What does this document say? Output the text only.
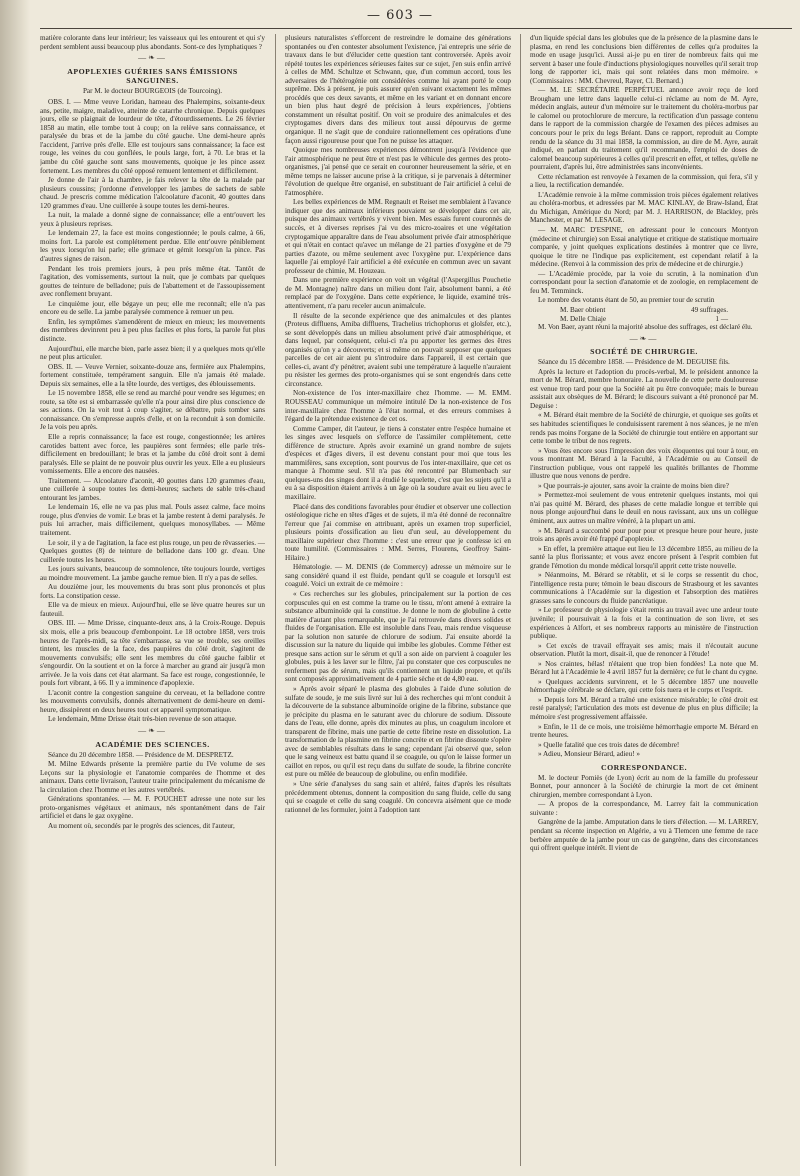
— 603 —

matière colorante dans leur intérieur; les vaisseaux qui les entourent et qui s'y perdent semblent aussi beaucoup plus abondants. Sont-ce des lymphatiques ?

—❧—
APOPLEXIES GUÉRIES SANS ÉMISSIONS SANGUINES.
Par M. le docteur BOURGEOIS (de Tourcoing).

OBS. I. — Mme veuve Loridan, hameau des Phalempins, soixante-deux ans, petite, maigre, maladive, atteinte de catarrhe chronique. Depuis quelques jours, elle se plaignait de lourdeur de tête, d'étourdissements. Le 26 février 1858 au matin, elle tombe tout à coup; on la relève sans connaissance, et paralysée du bras et de la jambe du côté gauche. Une demi-heure après l'accident, j'arrive près d'elle. Elle est toujours sans connaissance; la face est rouge, les veines du cou gonflées, le pouls large, fort, à 70. Le bras et la jambe du côté gauche sont sans mouvements, quoique je les pince assez fortement. Les membres du côté opposé remuent lentement et difficilement.

Je donne de l'air à la chambre, je fais relever la tête de la malade par plusieurs coussins; j'ordonne d'envelopper les jambes de sachets de sable chaud. Je prescris comme médication l'alcoolature d'aconit, 40 gouttes dans 120 grammes d'eau. Une cuillerée à soupe toutes les demi-heures.

La nuit, la malade a donné signe de connaissance; elle a entr'ouvert les yeux à plusieurs reprises.

Le lendemain 27, la face est moins congestionnée; le pouls calme, à 66, moins fort. La parole est complétement perdue. Elle entr'ouvre péniblement les yeux lorsqu'on lui parle; elle grimace et gémit lorsqu'on la pince. Pas d'autres signes de raison.

Pendant les trois premiers jours, à peu près même état. Tantôt de l'agitation, des vomissements, surtout la nuit, que je combats par quelques gouttes de teinture de belladone; puis de l'abattement et de l'assoupissement avec ronflement bruyant.

Le cinquième jour, elle bégaye un peu; elle me reconnaît; elle n'a pas encore eu de selle. La jambe paralysée commence à remuer un peu.

Enfin, les symptômes s'amendèrent de mieux en mieux; les mouvements des membres devinrent peu à peu plus faciles et plus forts, la parole fut plus distincte.

Aujourd'hui, elle marche bien, parle assez bien; il y a quelques mots qu'elle ne peut plus articuler.

OBS. II. — Veuve Vernier, soixante-douze ans, fermière aux Phalempins, fortement constituée, tempérament sanguin. Elle n'a jamais été malade. Depuis six semaines, elle a la tête lourde, des vertiges, des éblouissements.

Le 15 novembre 1858, elle se rend au marché pour vendre ses légumes; en route, sa tête est si embarrassée qu'elle n'a pour ainsi dire plus conscience de ses actions. On la voit tout à coup s'agiter, se débattre, puis tomber sans connaissance. On s'empresse auprès d'elle, et on la reconduit à son domicile. Je la vois peu après.

Elle a repris connaissance; la face est rouge, congestionnée; les artères carotides battent avec force, les paupières sont fermées; elle parle très-difficilement en bredouillant; le bras et la jambe du côté droit sont à demi paralysés. Elle se plaint de ne pouvoir plus ouvrir les yeux. Elle a eu plusieurs vomissements. Elle a encore des nausées.

Traitement. — Alcoolature d'aconit, 40 gouttes dans 120 grammes d'eau, une cuillerée à soupe toutes les demi-heures; sachets de sable très-chaud entourant les jambes.

Le lendemain 16, elle ne va pas plus mal. Pouls assez calme, face moins rouge, plus d'envies de vomir. Le bras et la jambe restent à demi paralysés. Je puis lui arracher, mais difficilement, quelques monosyllabes. — Même traitement.

Le soir, il y a de l'agitation, la face est plus rouge, un peu de rêvasseries. — Quelques gouttes (8) de teinture de belladone dans 100 gr. d'eau. Une cuillerée toutes les heures.

Les jours suivants, beaucoup de somnolence, tête toujours lourde, vertiges au moindre mouvement. La jambe gauche remue bien. Il n'y a pas de selles.

Au douzième jour, les mouvements du bras sont plus prononcés et plus forts. La constipation cesse.

Elle va de mieux en mieux. Aujourd'hui, elle se lève quatre heures sur un fauteuil.

OBS. III. — Mme Drisse, cinquante-deux ans, à la Croix-Rouge. Depuis six mois, elle a pris beaucoup d'embonpoint. Le 18 octobre 1858, vers trois heures de l'après-midi, sa tête s'embarrasse, sa vue se trouble, ses oreilles tintent, les muscles de la face, des paupières du côté droit, s'agitent de mouvements convulsifs; elle sent les membres du côté gauche faiblir et s'engourdir. On la soutient et on la force à marcher au grand air jusqu'à mon arrivée. Je la vois dans cet état alarmant. Sa face est rouge, congestionnée, le pouls fort vibrant, à 66. Il y a imminence d'apoplexie.

L'aconit contre la congestion sanguine du cerveau, et la belladone contre les mouvements convulsifs, donnés alternativement de demi-heure en demi-heure, dissipèrent en deux heures tout cet appareil symptomatique.

Le lendemain, Mme Drisse était très-bien revenue de son attaque.

—❧—
ACADÉMIE DES SCIENCES.

Séance du 20 décembre 1858. — Présidence de M. DESPRETZ.

M. Milne Edwards présente la première partie du IVe volume de ses Leçons sur la physiologie et l'anatomie comparées de l'homme et des animaux. Dans cette livraison, l'auteur traite principalement du mécanisme de la circulation chez l'homme et les autres vertébrés.

Générations spontanées. — M. F. POUCHET adresse une note sur les proto-organismes végétaux et animaux, nés spontanément dans de l'air artificiel et dans le gaz oxygène.

Au moment où, secondés par le progrès des sciences, dit l'auteur,

plusieurs naturalistes s'efforcent de restreindre le domaine des générations spontanées ou d'en contester absolument l'existence, j'ai entrepris une série de travaux dans le but d'élucider cette question tant controversée. Après avoir répété toutes les expériences sérieuses faites sur ce sujet, j'en suis enfin arrivé à celles de MM. Schultze et Schwann, que, d'un commun accord, tous les adversaires de l'hétérogénie ont considérées comme lui ayant porté le coup suprême. Dès à présent, je puis assurer qu'en suivant exactement les mêmes procédés que ces deux savants, et même en les variant et en donnant encore un bien plus haut degré de précision à leurs expériences, j'obtiens constamment un résultat positif. On voit se produire des animalcules et des cryptogames divers dans des milieux tout aussi dépourvus de germe organique. Il ne s'agit que de conduire rationnellement ces opérations d'une façon aussi rigoureuse pour que l'on ne puisse les attaquer.

Quoique mes nombreuses expériences démontrent jusqu'à l'évidence que l'air atmosphérique ne peut être et n'est pas le véhicule des germes des proto-organismes, j'ai pensé que ce serait en couronner heureusement la série, et en même temps ne laisser aucune prise à la critique, si je parvenais à déterminer l'évolution de quelque être organisé, en substituant de l'air artificiel à celui de l'atmosphère.

Les belles expériences de MM. Regnault et Reiset me semblaient à l'avance indiquer que des animaux inférieurs pouvaient se développer dans cet air, puisque des animaux vertébrés y vivent bien. Mes essais furent couronnés de succès, et à diverses reprises j'ai vu des micro-zoaires et une végétation cryptogamique apparaître dans de l'eau absolument privée d'air atmosphérique et qui n'était en contact qu'avec un mélange de 21 parties d'oxygène et de 79 parties d'azote, ou même seulement avec l'oxygène pur. L'expérience dans laquelle j'ai employé l'air artificiel a été exécutée en commun avec un savant professeur de chimie, M. Houzeau.

Dans une première expérience on voit un végétal (l'Aspergillus Pouchetie de M. Montagne) naître dans un milieu dont l'air, absolument banni, a été remplacé par de l'oxygène. Dans cette expérience, le liquide, examiné très-attentivement, n'a paru receler aucun animalcule.

Il résulte de la seconde expérience que des animalcules et des plantes (Proteus diffluens, Amiba diffluens, Trachelius trichophorus et glolsfer, etc.), se sont développés dans un milieu absolument privé d'air atmosphérique, et dans lequel, par conséquent, celui-ci n'a pu apporter les germes des êtres organisés qu'on y a découverts; et si même on pouvait supposer que quelques parcelles de cet air aient pu s'introduire dans l'appareil, il est certain que celles-ci, avant d'y pénétrer, avaient subi une température à laquelle n'auraient pu résister les germes des proto-organismes qui se sont engendrés dans cette circonstance.

Non-existence de l'os inter-maxillaire chez l'homme. — M. EMM. ROUSSEAU communique un mémoire intitulé De la non-existence de l'os inter-maxillaire chez l'homme à l'état normal, et des erreurs commises à l'égard de la prétendue existence de cet os.

Comme Camper, dit l'auteur, je tiens à constater entre l'espèce humaine et les singes avec lesquels on s'efforce de l'assimiler complètement, cette différence de structure. Après avoir examiné un grand nombre de sujets d'espèces et d'âges divers, il est devenu constant pour moi que tous les mammifères, sans exception, sont pourvus de l'os inter-maxillaire, que cet os manque à l'homme seul. S'il n'a pas été rencontré par Blumenbach sur quelques-uns des singes dont il a étudié le squelette, c'est que les sujets qu'il a eu à sa disposition étaient arrivés à un âge où la soudure avait eu lieu avec le maxillaire.

Placé dans des conditions favorables pour étudier et observer une collection ostéologique riche en têtes d'âges et de sujets, il m'a été donné de reconnaître l'erreur que j'ai commise en attribuant, après un examen trop superficiel, plusieurs points d'ossification au lieu d'un seul, au développement du maxillaire supérieur chez l'homme : c'est une erreur que je confesse ici en toute humilité. (Commissaires : MM. Serres, Flourens, Geoffroy Saint-Hilaire.)

Hématologie. — M. DENIS (de Commercy) adresse un mémoire sur le sang considéré quand il est fluide, pendant qu'il se coagule et lorsqu'il est coagulé. Voici un extrait de ce mémoire :

« Ces recherches sur les globules, principalement sur la portion de ces corpuscules qui en est comme la trame ou le tissu, m'ont amené à extraire la substance albuminoïde qui la constitue. Je donne le nom de globuline à cette matière d'autant plus remarquable, que je l'ai retrouvée dans divers solides et fluides de l'organisation. Elle est insoluble dans l'eau, mais rendue visqueuse par la solution non saturée de chlorure de sodium. J'ai ensuite abordé la discussion sur la nature du liquide qui imbibe les globules. Comme l'éther est presque sans action sur le sérum et qu'il a son aide on parvient à coaguler les globules, puis à les laver sur le filtre, j'ai pu constater que ces corpuscules ne renferment pas de sérum, mais qu'ils contiennent un liquide propre, et qu'ils sont composés approximativement de 4 partie sèche et de 4,80 eau.

» Après avoir séparé le plasma des globules à l'aide d'une solution de sulfate de soude, je me suis livré sur lui à des recherches qui m'ont conduit à la découverte de la substance albuminoïde origine de la fibrine, substance que je précipite du plasma en le saturant avec du chlorure de sodium. Dissoute dans de l'eau, elle donne, après dix minutes au plus, un coagulum incolore et transparent de fibrine, mais une partie de cette fibrine reste en dissolution. La transformation de la plasmine en fibrine concrète et en fibrine dissoute s'opère avec de semblables résultats dans le sang; cependant j'ai observé que, selon que le sang veineux est battu quand il se coagule, ou qu'on le laisse former un caillot en repos, ou qu'il est reçu dans du sulfate de soude, la fibrine concrète est pure ou mêlée de beaucoup de globuline, ou enfin modifiée.

» Une série d'analyses du sang sain et altéré, faites d'après les résultats précédemment obtenus, donnent la composition du sang fluide, celle du sang qui se coagule et celle du sang coagulé. On concevra aisément que ce mode rationnel de les formuler, joint à l'adoption tant

d'un liquide spécial dans les globules que de la présence de la plasmine dans le plasma, en rend les conclusions bien différentes de celles qu'a produites la mode en usage jusqu'ici. Aussi ai-je pu en tirer de nombreux faits qui me servent à baser une foule d'inductions physiologiques nouvelles qu'il serait trop long de rapporter ici, mais qui sont relatées dans mon mémoire. » (Commissaires : MM. Chevreul, Rayer, Cl. Bernard.)

— M. LE SECRÉTAIRE PERPÉTUEL annonce avoir reçu de lord Brougham une lettre dans laquelle celui-ci réclame au nom de M. Ayre, médecin anglais, auteur d'un mémoire sur le traitement du choléra-morbus par le calomel ou protochlorure de mercure, la rectification d'un passage contenu dans le rapport de la commission chargée de l'examen des pièces admises au concours pour le prix du legs Bréant. Dans ce rapport, reproduit au Compte rendu de la séance du 31 mai 1858, la commission, au dire de M. Ayre, aurait indiqué, en parlant du traitement qu'il recommande, l'emploi de doses de calomel beaucoup supérieures à celles qu'il prescrit en effet, et telles, qu'elle ne pourraient, d'après lui, être administrées sans inconvénients.

Cette réclamation est renvoyée à l'examen de la commission, qui fera, s'il y a lieu, la rectification demandée.

L'Académie renvoie à la même commission trois pièces également relatives au choléra-morbus, et adressées par M. MAC KINLAY, de Braw-Island, État du Michigan, Amérique du Nord; par M. J. HARRISON, de Blackley, près Manchester, et par M. LESAGE.

— M. MARC D'ESPINE, en adressant pour le concours Montyon (médecine et chirurgie) son Essai analytique et critique de statistique mortuaire comparée, y joint quelques explications destinées à montrer que ce livre, quoique le titre ne l'indique pas explicitement, est cependant relatif à la médecine. (Renvoi à la commission des prix de médecine et de chirurgie.)

— L'Académie procède, par la voie du scrutin, à la nomination d'un correspondant pour la section d'anatomie et de zoologie, en remplacement de feu M. Temminck.

Le nombre des votants étant de 50, au premier tour de scrutin

M. Baer obtient	49 suffrages.
M. Delle Chiaje	1 —

M. Von Baer, ayant réuni la majorité absolue des suffrages, est déclaré élu.

—❧—
SOCIÉTÉ DE CHIRURGIE.

Séance du 15 décembre 1858. — Présidence de M. DEGUISE fils.

Après la lecture et l'adoption du procès-verbal, M. le président annonce la mort de M. Bérard, membre honoraire. La nouvelle de cette perte douloureuse est venue trop tard pour que la Société ait pu être convoquée; mais le bureau assistait aux obsèques de M. Bérard; le discours suivant a été prononcé par M. Deguise :

« M. Bérard était membre de la Société de chirurgie, et quoique ses goûts et ses habitudes scientifiques le conduisissent rarement à nos séances, je ne m'en rends pas moins l'organe de la Société de chirurgie tout entière en apportant sur cette tombe le tribut de nos regrets.

» Vous êtes encore sous l'impression des voix éloquentes qui tour à tour, en vous montrant M. Bérard à la Faculté, à l'Académie ou au Conseil de l'instruction publique, vous ont rappelé les qualités brillantes de l'homme illustre que nous venons de perdre.

» Que pourrais-je ajouter, sans avoir la crainte de moins bien dire?

» Permettez-moi seulement de vous entretenir quelques instants, moi qui n'ai pas quitté M. Bérard, des phases de cette maladie longue et terrible qui nous plonge aujourd'hui dans le deuil en nous ravissant, aux uns un collègue éminent, aux autres un maître vénéré, à la plupart un ami.

» M. Bérard a succombé pour pour pour et presque heure pour heure, juste trois ans après avoir été frappé d'apoplexie.

» En effet, la première attaque eut lieu le 13 décembre 1855, au milieu de la santé la plus florissante; et vous avez encore présent à l'esprit combien fut grande l'émotion du monde médical lorsqu'il apprit cette triste nouvelle.

» Néanmoins, M. Bérard se rétablit, et si le corps se ressentit du choc, l'intelligence resta pure; témoin le beau discours de Strasbourg et les savantes communications à l'Académie sur la digestion et l'absorption des matières grasses sans le concours du fluide pancréatique.

» Le professeur de physiologie s'était remis au travail avec une ardeur toute juvénile; il poursuivait à la fois et la continuation de son livre, et ses expériences à Alfort, et ses nombreux rapports au ministère de l'instruction publique.

» Cet excès de travail effrayait ses amis; mais il n'écoutait aucune observation. Plutôt la mort, disait-il, que de renoncer à l'étude!

» Nos craintes, hélas! n'étaient que trop bien fondées! La note que M. Bérard lut à l'Académie le 4 avril 1857 fut la dernière; ce fut le chant du cygne.

» Quelques accidents survinrent, et le 5 décembre 1857 une nouvelle hémorrhagie cérébrale se déclare, qui cette fois tuera et le corps et l'esprit.

» Depuis lors M. Bérard a traîné une existence misérable; le côté droit est resté paralysé; l'articulation des mots est devenue de plus en plus difficile; la mémoire s'est progressivement affaissée.

» Enfin, le 11 de ce mois, une troisième hémorrhagie emporte M. Bérard en trente heures.

» Quelle fatalité que ces trois dates de décembre!

» Adieu, Monsieur Bérard, adieu! »

CORRESPONDANCE.

M. le docteur Pomiès (de Lyon) écrit au nom de la famille du professeur Bonnet, pour annoncer à la Société de chirurgie la mort de cet éminent chirurgien, membre correspondant à Lyon.

— A propos de la correspondance, M. Larrey fait la communication suivante :

Gangrène de la jambe. Amputation dans le tiers d'élection. — M. LARREY, pendant sa récente inspection en Algérie, a vu à Tlemcen une femme de race berbère amputée de la jambe pour un cas de gangrène, dans des circonstances qui offrent quelque intérêt. Il vient de
